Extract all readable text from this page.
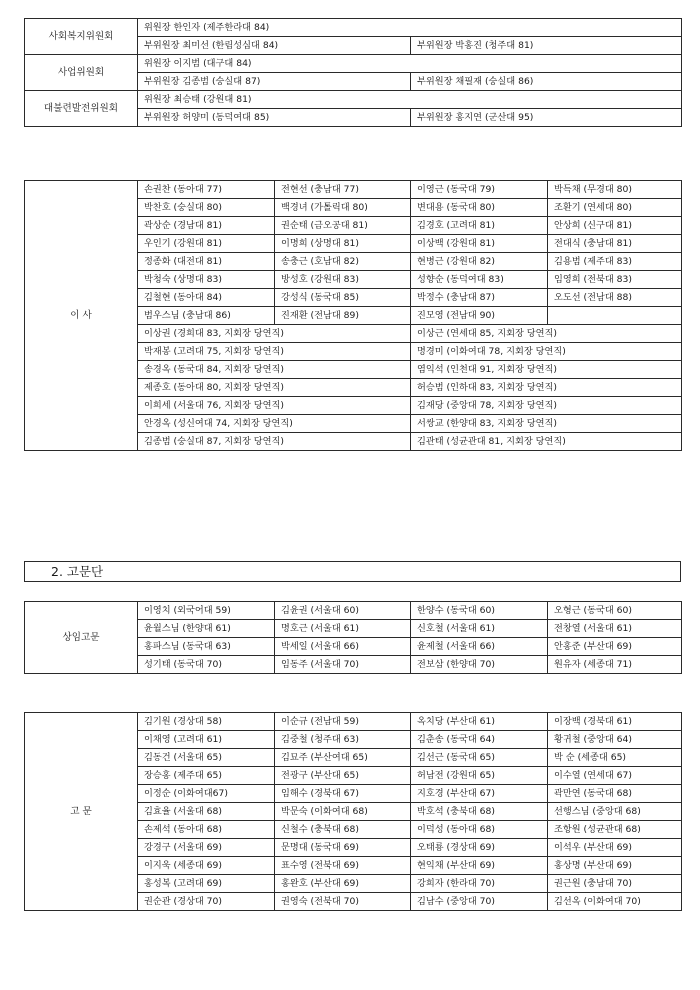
사회복지위원회	위원장 한인자 (제주한라대 84)	
	부위원장 최미선 (한림성심대 84)	부위원장 박홍진 (청주대 81)
사업위원회	위원장 이지범 (대구대 84)	
	부위원장 김종범 (숭실대 87)	부위원장 채필재 (숭실대 86)
대불련발전위원회	위원장 최승태 (강원대 81)	
	부위원장 허양미 (동덕여대 85)	부위원장 홍지연 (군산대 95)
이 사	손권찬 (동아대 77)	전현선 (충남대 77)	이영근 (동국대 79)	박득채 (무경대 80)
	박찬호 (숭실대 80)	백경녀 (가톨릭대 80)	변대용 (동국대 80)	조환기 (연세대 80)
	곽상순 (경남대 81)	권순태 (금오공대 81)	김경호 (고려대 81)	안상희 (신구대 81)
	우인기 (강원대 81)	이명희 (상명대 81)	이상백 (강원대 81)	전대식 (충남대 81)
	정종화 (대전대 81)	송충근 (호남대 82)	현병근 (강원대 82)	김용범 (제주대 83)
	박청숙 (상명대 83)	방성호 (강원대 83)	성향순 (동덕여대 83)	임영희 (전북대 83)
	김철현 (동아대 84)	강성식 (동국대 85)	박정수 (충남대 87)	오도선 (전남대 88)
	범우스님 (충남대 86)	진재환 (전남대 89)	진모영 (전남대 90)	
	이상권 (경희대 83, 지회장 당연직)		이상근 (연세대 85, 지회장 당연직)	
	박재봉 (고려대 75, 지회장 당연직)		명경미 (이화여대 78, 지회장 당연직)	
	송경옥 (동국대 84, 지회장 당연직)		염익석 (인천대 91, 지회장 당연직)	
	제종호 (동아대 80, 지회장 당연직)		허승범 (인하대 83, 지회장 당연직)	
	이희세 (서울대 76, 지회장 당연직)		김재당 (중앙대 78, 지회장 당연직)	
	안경옥 (성신여대 74, 지회장 당연직)		서쌍교 (한양대 83, 지회장 당연직)	
	김종범 (숭실대 87, 지회장 당연직)		김관태 (성균관대 81, 지회장 당연직)	
2. 고문단
상임고문	이영치 (외국어대 59)	김윤권 (서울대 60)	한양수 (동국대 60)	오형근 (동국대 60)
	윤월스님 (한양대 61)	명호근 (서울대 61)	신호철 (서울대 61)	전창열 (서울대 61)
	홍파스님 (동국대 63)	박세일 (서울대 66)	윤제철 (서울대 66)	안홍준 (부산대 69)
	성기태 (동국대 70)	임동주 (서울대 70)	전보삼 (한양대 70)	원유자 (세종대 71)
고 문	김기원 (경상대 58)	이순규 (전남대 59)	옥치당 (부산대 61)	이장백 (경북대 61)
	이채영 (고려대 61)	김중철 (청주대 63)	김춘송 (동국대 64)	황귀철 (중앙대 64)
	김동건 (서울대 65)	김묘주 (부산여대 65)	김선근 (동국대 65)	박 순 (세종대 65)
	장승홍 (제주대 65)	전광구 (부산대 65)	허남전 (강원대 65)	이수열 (연세대 67)
	이정순 (이화여대67)	임해수 (경북대 67)	지호경 (부산대 67)	곽만연 (동국대 68)
	김효율 (서울대 68)	박문숙 (이화여대 68)	박호석 (충북대 68)	선행스님 (중앙대 68)
	손제석 (동아대 68)	신철수 (충북대 68)	이덕성 (동아대 68)	조항원 (성균관대 68)
	강경구 (서울대 69)	문명대 (동국대 69)	오태룡 (경상대 69)	이석우 (부산대 69)
	이지욱 (세종대 69)	표수영 (전북대 69)	현익채 (부산대 69)	홍상명 (부산대 69)
	홍성복 (고려대 69)	홍완호 (부산대 69)	강희자 (한라대 70)	권근원 (충남대 70)
	권순관 (경상대 70)	권영숙 (전북대 70)	김남수 (중앙대 70)	김선옥 (이화여대 70)
